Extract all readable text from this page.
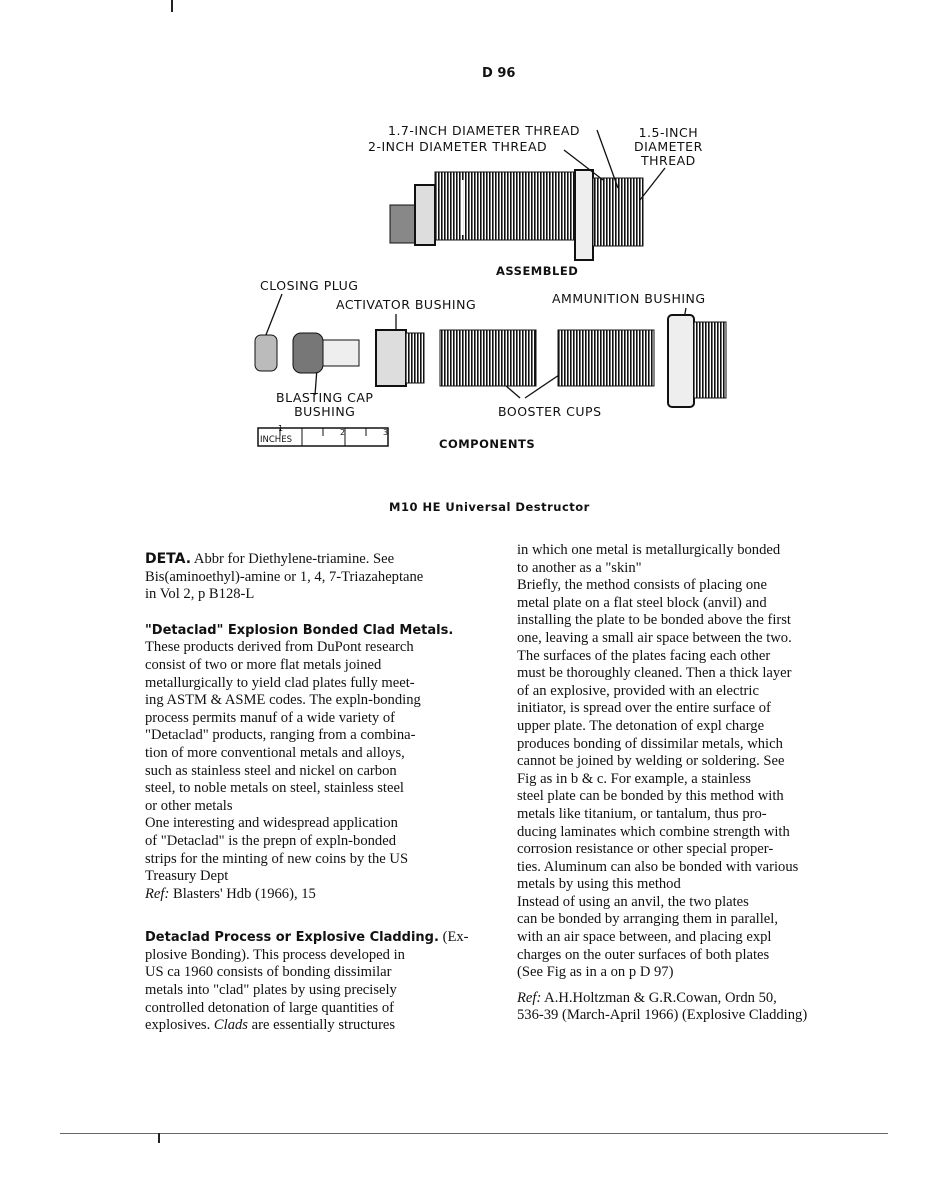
D 96
1.7-INCH DIAMETER THREAD
2-INCH DIAMETER THREAD
1.5-INCH
DIAMETER
THREAD
ASSEMBLED
CLOSING PLUG
ACTIVATOR BUSHING	AMMUNITION BUSHING
BLASTING CAP
BUSHING	BOOSTER CUPS
INCHES
1	2	3
COMPONENTS
M10 HE Universal Destructor
DETA. Abbr for Diethylene-triamine. See
Bis(aminoethyl)-amine or 1, 4, 7-Triazaheptane
in Vol 2, p B128-L
"Detaclad" Explosion Bonded Clad Metals.
These products derived from DuPont research
consist of two or more flat metals joined
metallurgically to yield clad plates fully meet-
ing ASTM & ASME codes. The expln-bonding
process permits manuf of a wide variety of
"Detaclad" products, ranging from a combina-
tion of more conventional metals and alloys,
such as stainless steel and nickel on carbon
steel, to noble metals on steel, stainless steel
or other metals
One interesting and widespread application
of "Detaclad" is the prepn of expln-bonded
strips for the minting of new coins by the US
Treasury Dept
Ref: Blasters' Hdb (1966), 15
Detaclad Process or Explosive Cladding. (Ex-
plosive Bonding). This process developed in
US ca 1960 consists of bonding dissimilar
metals into "clad" plates by using precisely
controlled detonation of large quantities of
explosives. Clads are essentially structures
in which one metal is metallurgically bonded
to another as a "skin"
Briefly, the method consists of placing one
metal plate on a flat steel block (anvil) and
installing the plate to be bonded above the first
one, leaving a small air space between the two.
The surfaces of the plates facing each other
must be thoroughly cleaned. Then a thick layer
of an explosive, provided with an electric
initiator, is spread over the entire surface of
upper plate. The detonation of expl charge
produces bonding of dissimilar metals, which
cannot be joined by welding or soldering. See
Fig as in b & c. For example, a stainless
steel plate can be bonded by this method with
metals like titanium, or tantalum, thus pro-
ducing laminates which combine strength with
corrosion resistance or other special proper-
ties. Aluminum can also be bonded with various
metals by using this method
Instead of using an anvil, the two plates
can be bonded by arranging them in parallel,
with an air space between, and placing expl
charges on the outer surfaces of both plates
(See Fig as in a on p D 97)
Ref: A.H.Holtzman & G.R.Cowan, Ordn 50,
536-39 (March-April 1966) (Explosive Cladding)
